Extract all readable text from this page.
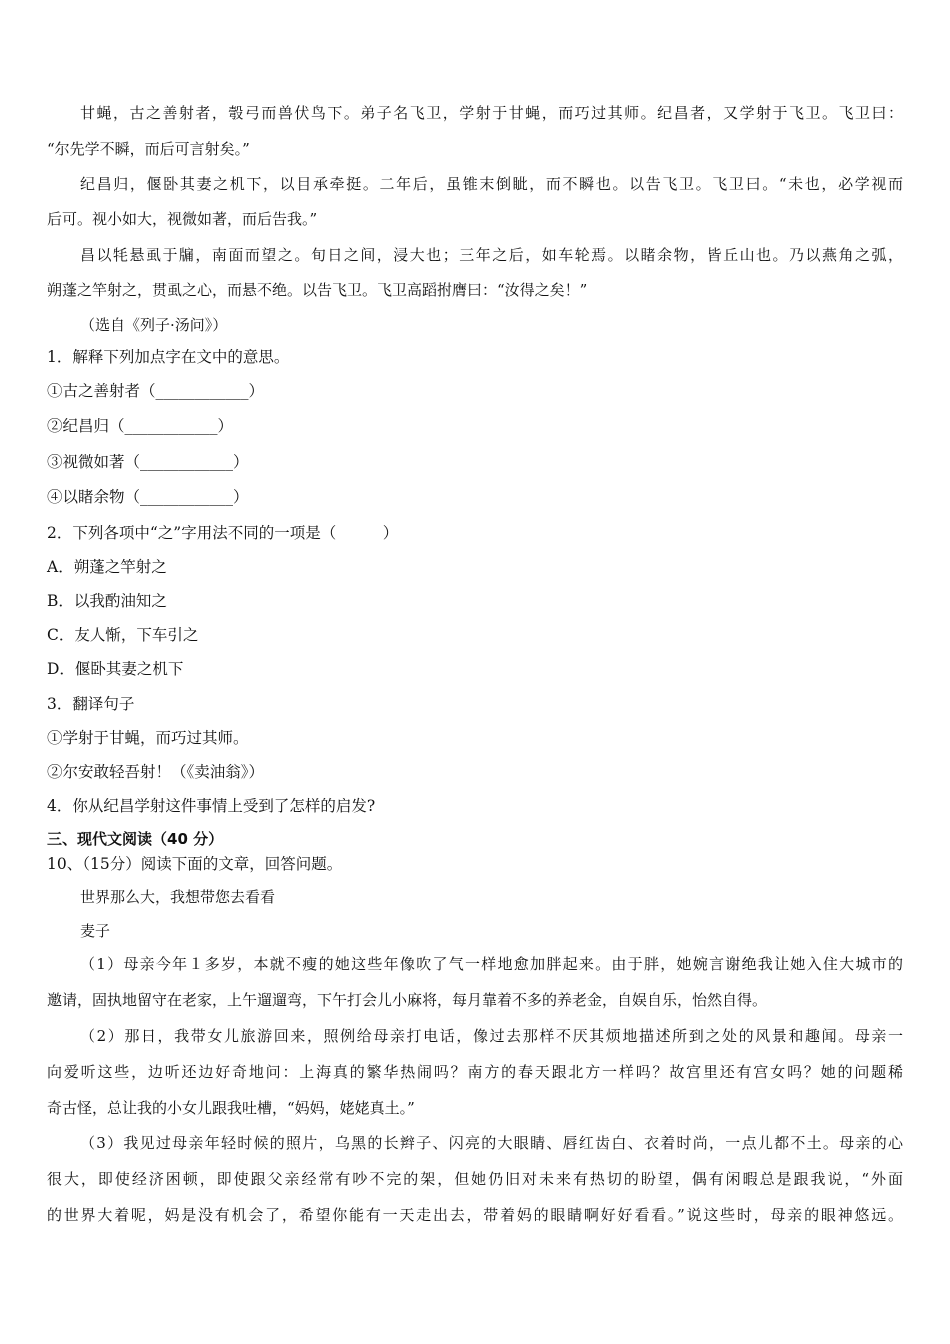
甘蝇，古之善射者，彀弓而兽伏鸟下。弟子名飞卫，学射于甘蝇，而巧过其师。纪昌者，又学射于飞卫。飞卫曰：
“尔先学不瞬，而后可言射矣。”
纪昌归，偃卧其妻之机下，以目承牵挺。二年后，虽锥末倒眦，而不瞬也。以告飞卫。飞卫曰。“未也，必学视而
后可。视小如大，视微如著，而后告我。”
昌以牦悬虱于牖，南面而望之。旬日之间，浸大也；三年之后，如车轮焉。以睹余物，皆丘山也。乃以燕角之弧，
朔蓬之竿射之，贯虱之心，而悬不绝。以告飞卫。飞卫高蹈拊膺曰：“汝得之矣！”
（选自《列子·汤问》）
1．解释下列加点字在文中的意思。
①古之善射者（____________）
②纪昌归（____________）
③视微如著（____________）
④以睹余物（____________）
2．下列各项中“之”字用法不同的一项是（　　　）
A．朔蓬之竿射之
B．以我酌油知之
C．友人惭，下车引之
D．偃卧其妻之机下
3．翻译句子
①学射于甘蝇，而巧过其师。
②尔安敢轻吾射！（《卖油翁》）
4．你从纪昌学射这件事情上受到了怎样的启发?
三、现代文阅读（40 分）
10、（15分）阅读下面的文章，回答问题。
世界那么大，我想带您去看看
麦子
（1）母亲今年１多岁，本就不瘦的她这些年像吹了气一样地愈加胖起来。由于胖，她婉言谢绝我让她入住大城市的
邀请，固执地留守在老家，上午遛遛弯，下午打会儿小麻将，每月靠着不多的养老金，自娱自乐，怡然自得。
（2）那日，我带女儿旅游回来，照例给母亲打电话，像过去那样不厌其烦地描述所到之处的风景和趣闻。母亲一
向爱听这些，边听还边好奇地问：上海真的繁华热闹吗？南方的春天跟北方一样吗？故宫里还有宫女吗？她的问题稀
奇古怪，总让我的小女儿跟我吐槽，“妈妈，姥姥真土。”
（3）我见过母亲年轻时候的照片，乌黑的长辫子、闪亮的大眼睛、唇红齿白、衣着时尚，一点儿都不土。母亲的心
很大，即使经济困顿，即使跟父亲经常有吵不完的架，但她仍旧对未来有热切的盼望，偶有闲暇总是跟我说，“外面
的世界大着呢，妈是没有机会了，希望你能有一天走出去，带着妈的眼睛啊好好看看。”说这些时，母亲的眼神悠远。
